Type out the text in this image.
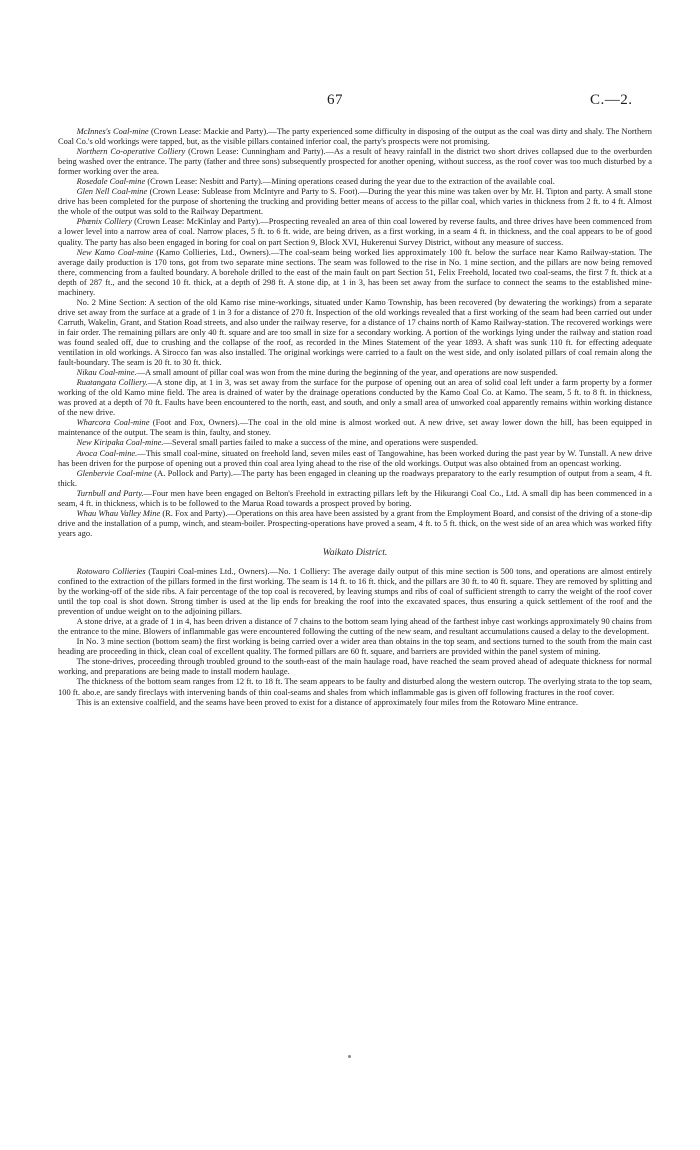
67	C.—2.

McInnes's Coal-mine (Crown Lease: Mackie and Party).—The party experienced some difficulty in disposing of the output as the coal was dirty and shaly. The Northern Coal Co.'s old workings were tapped, but, as the visible pillars contained inferior coal, the party's prospects were not promising.

Northern Co-operative Colliery (Crown Lease: Cunningham and Party).—As a result of heavy rainfall in the district two short drives collapsed due to the overburden being washed over the entrance. The party (father and three sons) subsequently prospected for another opening, without success, as the roof cover was too much disturbed by a former working over the area.

Rosedale Coal-mine (Crown Lease: Nesbitt and Party).—Mining operations ceased during the year due to the extraction of the available coal.

Glen Nell Coal-mine (Crown Lease: Sublease from McIntyre and Party to S. Foot).—During the year this mine was taken over by Mr. H. Tipton and party. A small stone drive has been completed for the purpose of shortening the trucking and providing better means of access to the pillar coal, which varies in thickness from 2 ft. to 4 ft. Almost the whole of the output was sold to the Railway Department.

Phœnix Colliery (Crown Lease: McKinlay and Party).—Prospecting revealed an area of thin coal lowered by reverse faults, and three drives have been commenced from a lower level into a narrow area of coal. Narrow places, 5 ft. to 6 ft. wide, are being driven, as a first working, in a seam 4 ft. in thickness, and the coal appears to be of good quality. The party has also been engaged in boring for coal on part Section 9, Block XVI, Hukerenui Survey District, without any measure of success.

New Kamo Coal-mine (Kamo Collieries, Ltd., Owners).—The coal-seam being worked lies approximately 100 ft. below the surface near Kamo Railway-station. The average daily production is 170 tons, got from two separate mine sections. The seam was followed to the rise in No. 1 mine section, and the pillars are now being removed there, commencing from a faulted boundary. A borehole drilled to the east of the main fault on part Section 51, Felix Freehold, located two coal-seams, the first 7 ft. thick at a depth of 287 ft., and the second 10 ft. thick, at a depth of 298 ft. A stone dip, at 1 in 3, has been set away from the surface to connect the seams to the established mine-machinery.

No. 2 Mine Section: A section of the old Kamo rise mine-workings, situated under Kamo Township, has been recovered (by dewatering the workings) from a separate drive set away from the surface at a grade of 1 in 3 for a distance of 270 ft. Inspection of the old workings revealed that a first working of the seam had been carried out under Carruth, Wakelin, Grant, and Station Road streets, and also under the railway reserve, for a distance of 17 chains north of Kamo Railway-station. The recovered workings were in fair order. The remaining pillars are only 40 ft. square and are too small in size for a secondary working. A portion of the workings lying under the railway and station road was found sealed off, due to crushing and the collapse of the roof, as recorded in the Mines Statement of the year 1893. A shaft was sunk 110 ft. for effecting adequate ventilation in old workings. A Sirocco fan was also installed. The original workings were carried to a fault on the west side, and only isolated pillars of coal remain along the fault-boundary. The seam is 20 ft. to 30 ft. thick.

Nikau Coal-mine.—A small amount of pillar coal was won from the mine during the beginning of the year, and operations are now suspended.

Ruatangata Colliery.—A stone dip, at 1 in 3, was set away from the surface for the purpose of opening out an area of solid coal left under a farm property by a former working of the old Kamo mine field. The area is drained of water by the drainage operations conducted by the Kamo Coal Co. at Kamo. The seam, 5 ft. to 8 ft. in thickness, was proved at a depth of 70 ft. Faults have been encountered to the north, east, and south, and only a small area of unworked coal apparently remains within working distance of the new drive.

Wharcora Coal-mine (Foot and Fox, Owners).—The coal in the old mine is almost worked out. A new drive, set away lower down the hill, has been equipped in maintenance of the output. The seam is thin, faulty, and stoney.

New Kiripaka Coal-mine.—Several small parties failed to make a success of the mine, and operations were suspended.

Avoca Coal-mine.—This small coal-mine, situated on freehold land, seven miles east of Tangowahine, has been worked during the past year by W. Tunstall. A new drive has been driven for the purpose of opening out a proved thin coal area lying ahead to the rise of the old workings. Output was also obtained from an opencast working.

Glenbervie Coal-mine (A. Pollock and Party).—The party has been engaged in cleaning up the roadways preparatory to the early resumption of output from a seam, 4 ft. thick.

Turnbull and Party.—Four men have been engaged on Belton's Freehold in extracting pillars left by the Hikurangi Coal Co., Ltd. A small dip has been commenced in a seam, 4 ft. in thickness, which is to be followed to the Marua Road towards a prospect proved by boring.

Whau Whau Valley Mine (R. Fox and Party).—Operations on this area have been assisted by a grant from the Employment Board, and consist of the driving of a stone-dip drive and the installation of a pump, winch, and steam-boiler. Prospecting-operations have proved a seam, 4 ft. to 5 ft. thick, on the west side of an area which was worked fifty years ago.

Waikato District.

Rotowaro Collieries (Taupiri Coal-mines Ltd., Owners).—No. 1 Colliery: The average daily output of this mine section is 500 tons, and operations are almost entirely confined to the extraction of the pillars formed in the first working. The seam is 14 ft. to 16 ft. thick, and the pillars are 30 ft. to 40 ft. square. They are removed by splitting and by the working-off of the side ribs. A fair percentage of the top coal is recovered, by leaving stumps and ribs of coal of sufficient strength to carry the weight of the roof cover until the top coal is shot down. Strong timber is used at the lip ends for breaking the roof into the excavated spaces, thus ensuring a quick settlement of the roof and the prevention of undue weight on to the adjoining pillars.

A stone drive, at a grade of 1 in 4, has been driven a distance of 7 chains to the bottom seam lying ahead of the farthest inbye cast workings approximately 90 chains from the entrance to the mine. Blowers of inflammable gas were encountered following the cutting of the new seam, and resultant accumulations caused a delay to the development.

In No. 3 mine section (bottom seam) the first working is being carried over a wider area than obtains in the top seam, and sections turned to the south from the main cast heading are proceeding in thick, clean coal of excellent quality. The formed pillars are 60 ft. square, and barriers are provided within the panel system of mining.

The stone-drives, proceeding through troubled ground to the south-east of the main haulage road, have reached the seam proved ahead of adequate thickness for normal working, and preparations are being made to install modern haulage.

The thickness of the bottom seam ranges from 12 ft. to 18 ft. The seam appears to be faulty and disturbed along the western outcrop. The overlying strata to the top seam, 100 ft. abo.e, are sandy fireclays with intervening bands of thin coal-seams and shales from which inflammable gas is given off following fractures in the roof cover.

This is an extensive coalfield, and the seams have been proved to exist for a distance of approximately four miles from the Rotowaro Mine entrance.
